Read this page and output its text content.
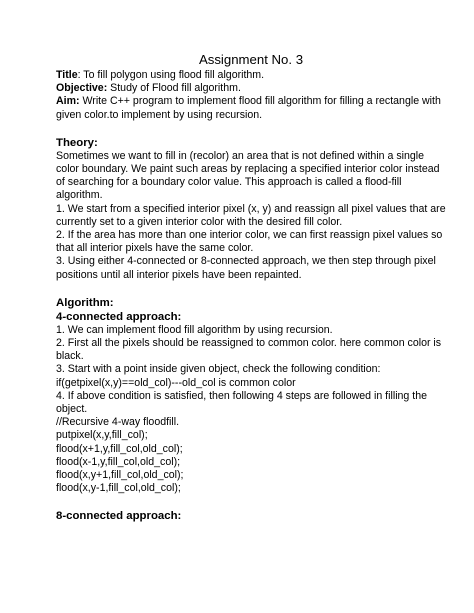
Assignment No. 3
Title: To fill polygon using flood fill algorithm.
Objective: Study of Flood fill algorithm.
Aim: Write C++ program to implement flood fill algorithm for filling a rectangle with given color.to implement by using recursion.
Theory:
Sometimes we want to fill in (recolor) an area that is not defined within a single color boundary. We paint such areas by replacing a specified interior color instead of searching for a boundary color value. This approach is called a flood-fill algorithm.
1. We start from a specified interior pixel (x, y) and reassign all pixel values that are currently set to a given interior color with the desired fill color.
2. If the area has more than one interior color, we can first reassign pixel values so that all interior pixels have the same color.
3. Using either 4-connected or 8-connected approach, we then step through pixel positions until all interior pixels have been repainted.
Algorithm:
4-connected approach:
1. We can implement flood fill algorithm by using recursion.
2. First all the pixels should be reassigned to common color. here common color is black.
3. Start with a point inside given object, check the following condition:
if(getpixel(x,y)==old_col)---old_col is common color
4. If above condition is satisfied, then following 4 steps are followed in filling the object.
//Recursive 4-way floodfill.
putpixel(x,y,fill_col);
flood(x+1,y,fill_col,old_col);
flood(x-1,y,fill_col,old_col);
flood(x,y+1,fill_col,old_col);
flood(x,y-1,fill_col,old_col);
8-connected approach:
